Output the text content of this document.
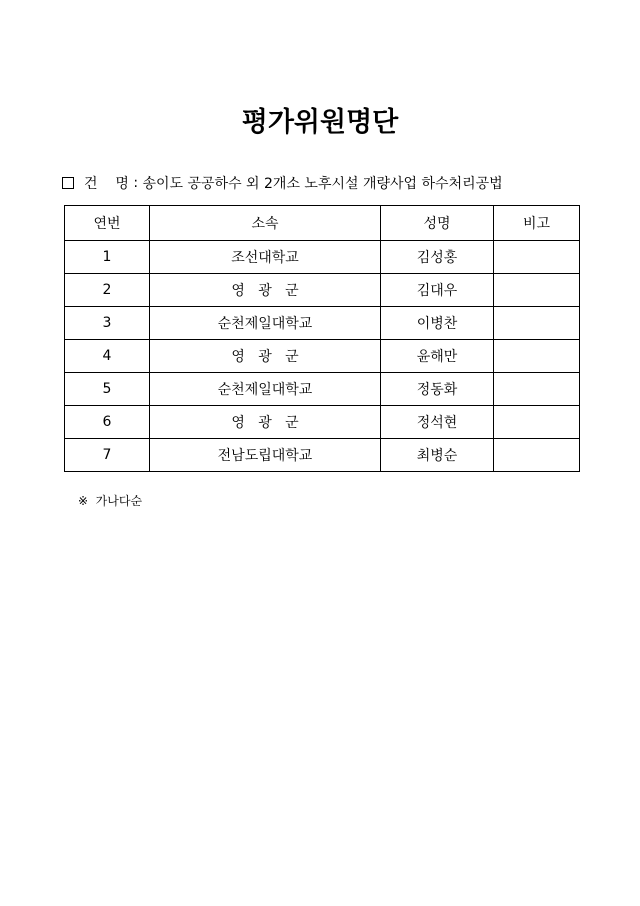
평가위원명단
건    명 : 송이도 공공하수 외 2개소 노후시설 개량사업 하수처리공법
연번	소속	성명	비고
1	조선대학교	김성홍	
2	영   광   군	김대우	
3	순천제일대학교	이병찬	
4	영   광   군	윤해만	
5	순천제일대학교	정동화	
6	영   광   군	정석현	
7	전남도립대학교	최병순	
※  가나다순
